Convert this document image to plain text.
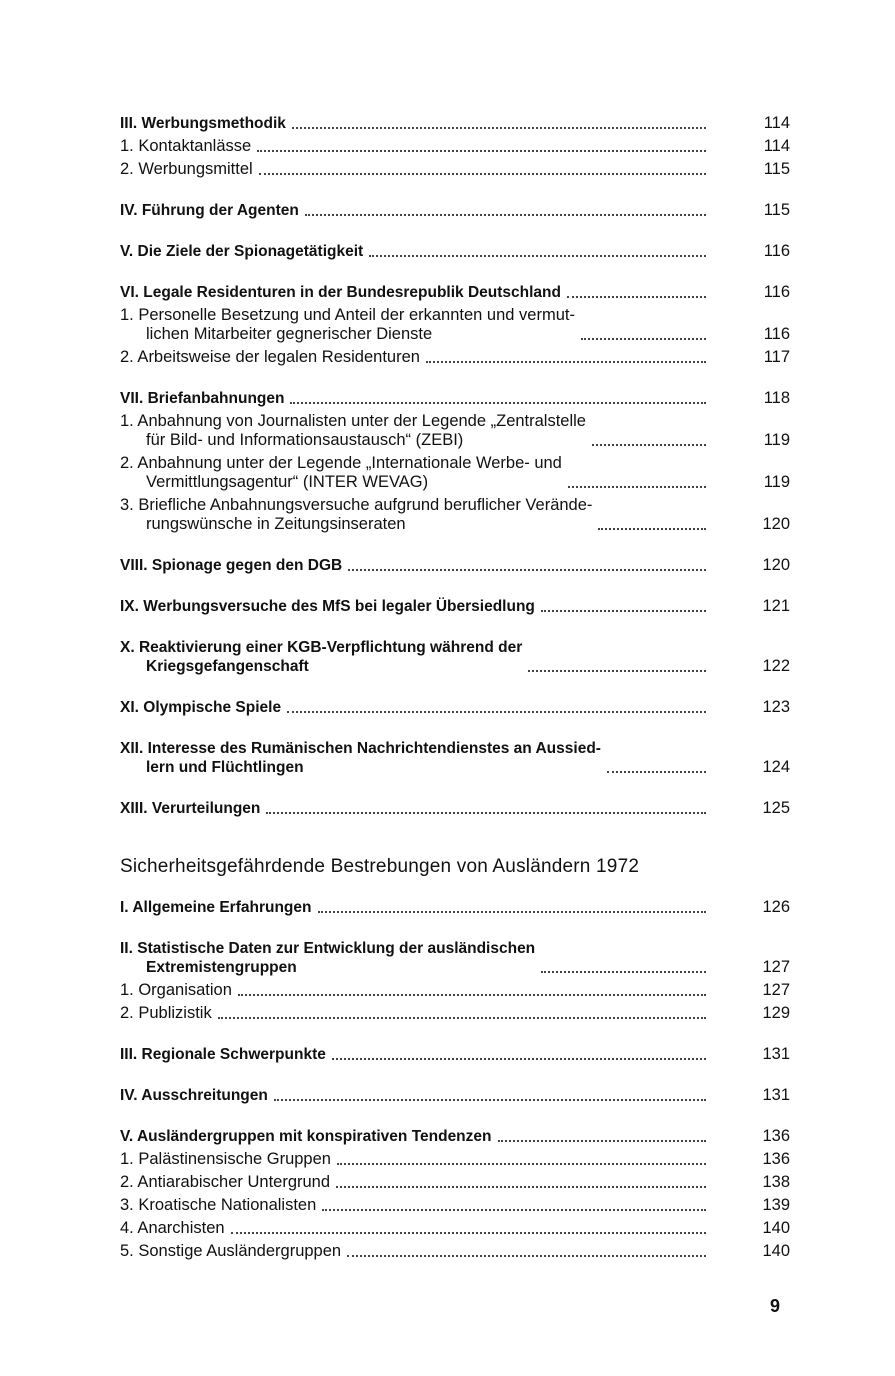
III. Werbungsmethodik	114
1. Kontaktanlässe	114
2. Werbungsmittel	115
IV. Führung der Agenten	115
V. Die Ziele der Spionagetätigkeit	116
VI. Legale Residenturen in der Bundesrepublik Deutschland	116
1. Personelle Besetzung und Anteil der erkannten und vermut-
lichen Mitarbeiter gegnerischer Dienste	116
2. Arbeitsweise der legalen Residenturen	117
VII. Briefanbahnungen	118
1. Anbahnung von Journalisten unter der Legende „Zentralstelle
für Bild- und Informationsaustausch“ (ZEBI)	119
2. Anbahnung unter der Legende „Internationale Werbe- und
Vermittlungsagentur“ (INTER WEVAG)	119
3. Briefliche Anbahnungsversuche aufgrund beruflicher Verände-
rungswünsche in Zeitungsinseraten	120
VIII. Spionage gegen den DGB	120
IX. Werbungsversuche des MfS bei legaler Übersiedlung	121
X. Reaktivierung einer KGB-Verpflichtung während der
Kriegsgefangenschaft	122
XI. Olympische Spiele	123
XII. Interesse des Rumänischen Nachrichtendienstes an Aussied-
lern und Flüchtlingen	124
XIII. Verurteilungen	125
Sicherheitsgefährdende Bestrebungen von Ausländern 1972
I. Allgemeine Erfahrungen	126
II. Statistische Daten zur Entwicklung der ausländischen
Extremistengruppen	127
1. Organisation	127
2. Publizistik	129
III. Regionale Schwerpunkte	131
IV. Ausschreitungen	131
V. Ausländergruppen mit konspirativen Tendenzen	136
1. Palästinensische Gruppen	136
2. Antiarabischer Untergrund	138
3. Kroatische Nationalisten	139
4. Anarchisten	140
5. Sonstige Ausländergruppen	140
9
